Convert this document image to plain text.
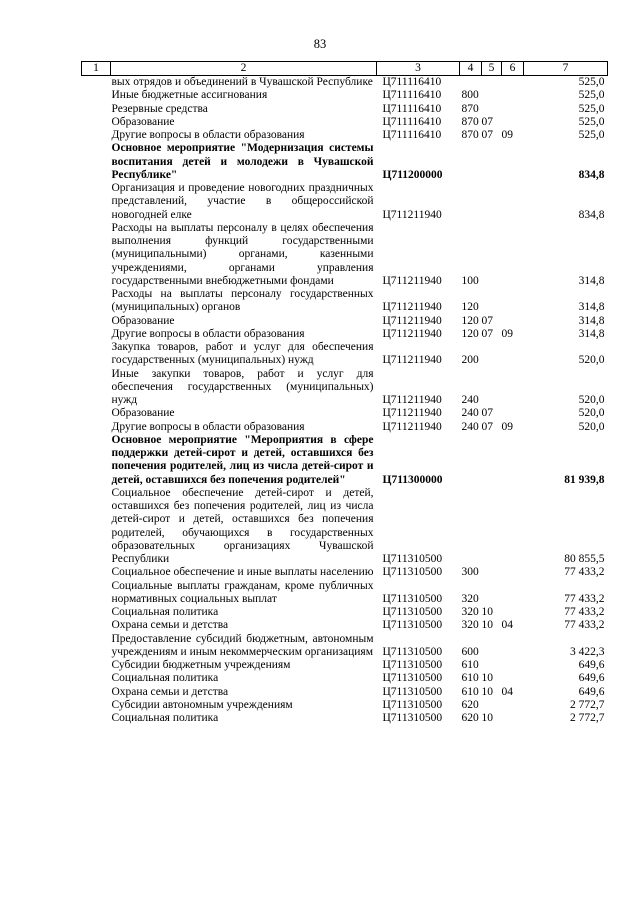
83
1	2	3	4	5	6	7
	вых отрядов и объединений в Чувашской Республике	Ц711116410				525,0
	Иные бюджетные ассигнования	Ц711116410	800			525,0
	Резервные средства	Ц711116410	870			525,0
	Образование	Ц711116410	870	07		525,0
	Другие вопросы в области образования	Ц711116410	870	07	09	525,0
	Основное мероприятие "Модернизация системы воспитания детей и молодежи в Чувашской Республике"	Ц711200000				834,8
	Организация и проведение новогодних праздничных представлений, участие в общероссийской новогодней елке	Ц711211940				834,8
	Расходы на выплаты персоналу в целях обеспечения выполнения функций государственными (муниципальными) органами, казенными учреждениями, органами управления государственными внебюджетными фондами	Ц711211940	100			314,8
	Расходы на выплаты персоналу государственных (муниципальных) органов	Ц711211940	120			314,8
	Образование	Ц711211940	120	07		314,8
	Другие вопросы в области образования	Ц711211940	120	07	09	314,8
	Закупка товаров, работ и услуг для обеспечения государственных (муниципальных) нужд	Ц711211940	200			520,0
	Иные закупки товаров, работ и услуг для обеспечения государственных (муниципальных) нужд	Ц711211940	240			520,0
	Образование	Ц711211940	240	07		520,0
	Другие вопросы в области образования	Ц711211940	240	07	09	520,0
	Основное мероприятие "Мероприятия в сфере поддержки детей-сирот и детей, оставшихся без попечения родителей, лиц из числа детей-сирот и детей, оставшихся без попечения родителей"	Ц711300000				81 939,8
	Социальное обеспечение детей-сирот и детей, оставшихся без попечения родителей, лиц из числа детей-сирот и детей, оставшихся без попечения родителей, обучающихся в государственных образовательных организациях Чувашской Республики	Ц711310500				80 855,5
	Социальное обеспечение и иные выплаты населению	Ц711310500	300			77 433,2
	Социальные выплаты гражданам, кроме публичных нормативных социальных выплат	Ц711310500	320			77 433,2
	Социальная политика	Ц711310500	320	10		77 433,2
	Охрана семьи и детства	Ц711310500	320	10	04	77 433,2
	Предоставление субсидий бюджетным, автономным учреждениям и иным некоммерческим организациям	Ц711310500	600			3 422,3
	Субсидии бюджетным учреждениям	Ц711310500	610			649,6
	Социальная политика	Ц711310500	610	10		649,6
	Охрана семьи и детства	Ц711310500	610	10	04	649,6
	Субсидии автономным учреждениям	Ц711310500	620			2 772,7
	Социальная политика	Ц711310500	620	10		2 772,7
